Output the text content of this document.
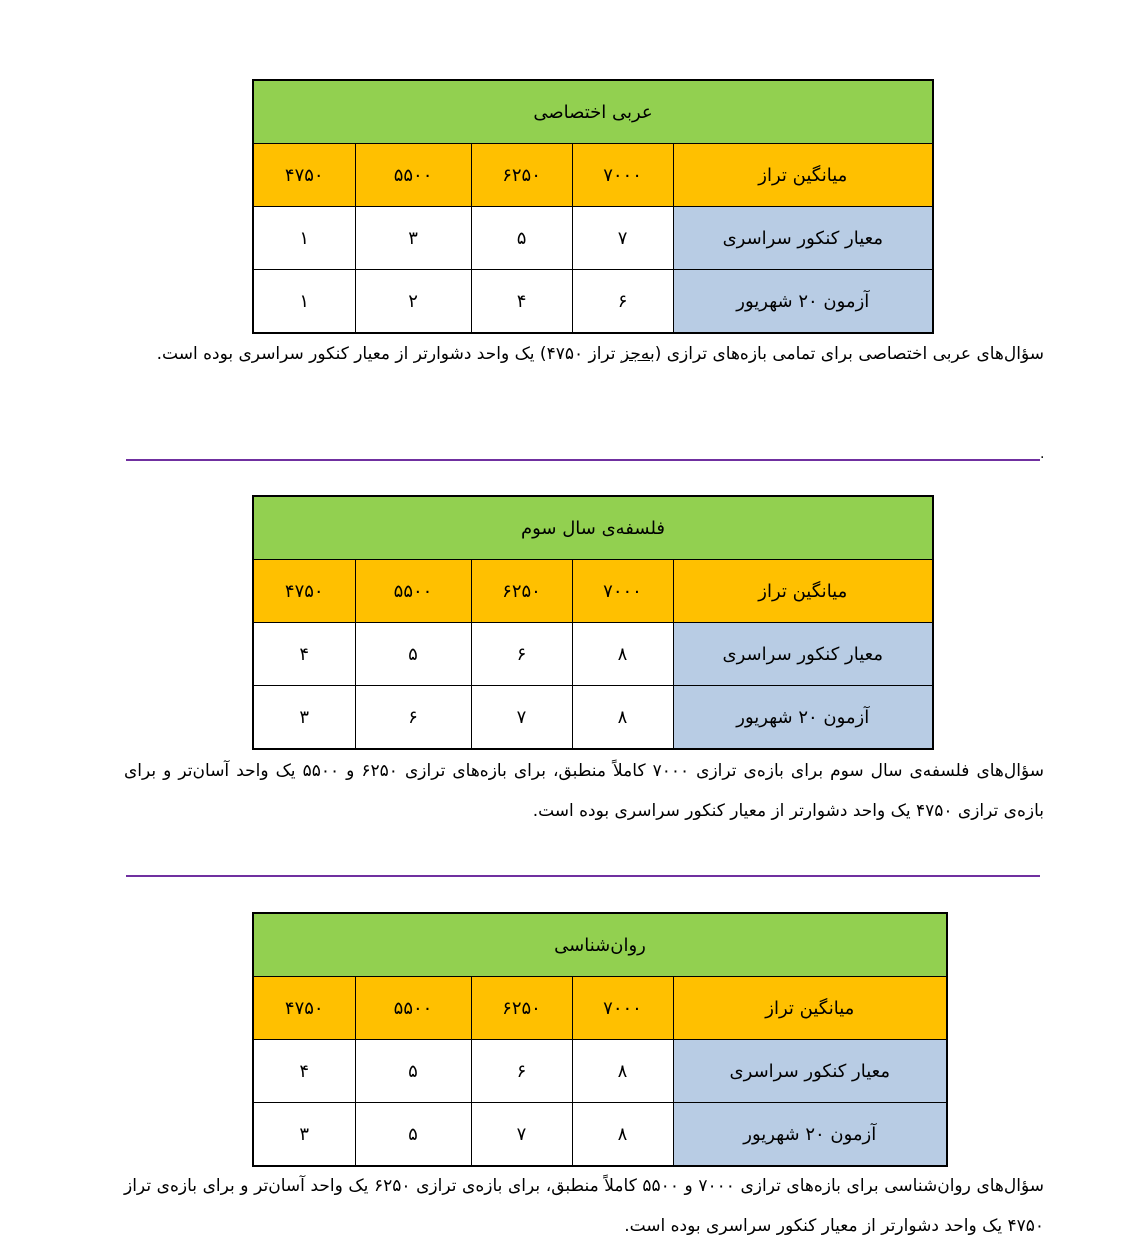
عربی اختصاصی				
میانگین تراز	۷۰۰۰	۶۲۵۰	۵۵۰۰	۴۷۵۰
معیار کنکور سراسری	۷	۵	۳	۱
آزمون ۲۰ شهریور	۶	۴	۲	۱
سؤال‌های عربی اختصاصی برای تمامی بازه‌های ترازی (به‌جز تراز ۴۷۵۰) یک واحد دشوارتر از معیار کنکور سراسری بوده است.
.
فلسفه‌ی سال سوم				
میانگین تراز	۷۰۰۰	۶۲۵۰	۵۵۰۰	۴۷۵۰
معیار کنکور سراسری	۸	۶	۵	۴
آزمون ۲۰ شهریور	۸	۷	۶	۳
سؤال‌های فلسفه‌ی سال سوم برای بازه‌ی ترازی ۷۰۰۰ کاملاً منطبق، برای بازه‌های ترازی ۶۲۵۰ و ۵۵۰۰ یک واحد آسان‌تر و برای بازه‌ی ترازی ۴۷۵۰ یک واحد دشوارتر از معیار کنکور سراسری بوده است.
روان‌شناسی				
میانگین تراز	۷۰۰۰	۶۲۵۰	۵۵۰۰	۴۷۵۰
معیار کنکور سراسری	۸	۶	۵	۴
آزمون ۲۰ شهریور	۸	۷	۵	۳
سؤال‌های روان‌شناسی برای بازه‌های ترازی ۷۰۰۰ و ۵۵۰۰ کاملاً منطبق، برای بازه‌ی ترازی ۶۲۵۰ یک واحد آسان‌تر و برای بازه‌ی تراز ۴۷۵۰ یک واحد دشوارتر از معیار کنکور سراسری بوده است.
